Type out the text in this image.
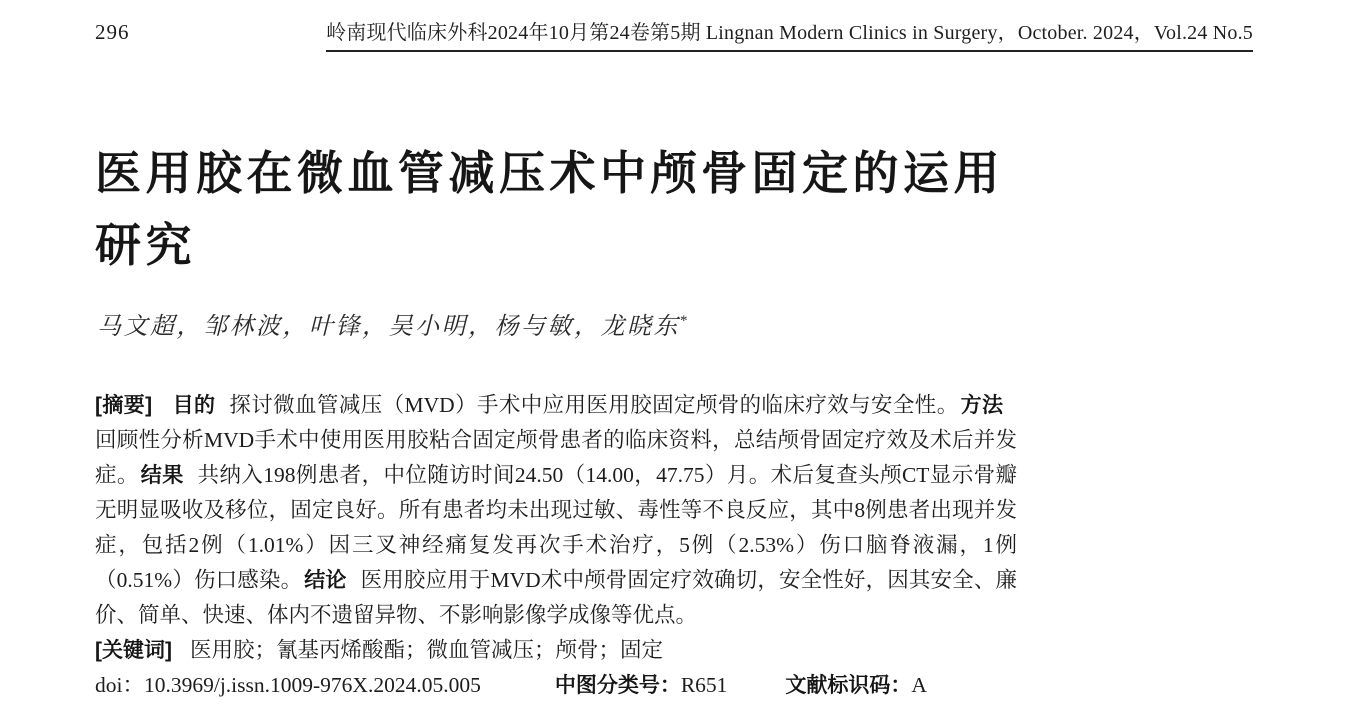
296	岭南现代临床外科2024年10月第24卷第5期 Lingnan Modern Clinics in Surgery，October. 2024，Vol.24 No.5
医用胶在微血管减压术中颅骨固定的运用研究
马文超，邹林波，叶锋，吴小明，杨与敏，龙晓东*

[摘要] 目的 探讨微血管减压（MVD）手术中应用医用胶固定颅骨的临床疗效与安全性。方法回顾性分析MVD手术中使用医用胶粘合固定颅骨患者的临床资料，总结颅骨固定疗效及术后并发症。结果 共纳入198例患者，中位随访时间24.50（14.00，47.75）月。术后复查头颅CT显示骨瓣无明显吸收及移位，固定良好。所有患者均未出现过敏、毒性等不良反应，其中8例患者出现并发症，包括2例（1.01%）因三叉神经痛复发再次手术治疗，5例（2.53%）伤口脑脊液漏，1例（0.51%）伤口感染。结论 医用胶应用于MVD术中颅骨固定疗效确切，安全性好，因其安全、廉价、简单、快速、体内不遗留异物、不影响影像学成像等优点。

[关键词] 医用胶；氰基丙烯酸酯；微血管减压；颅骨；固定

doi：10.3969/j.issn.1009-976X.2024.05.005	中图分类号：R651	文献标识码：A
